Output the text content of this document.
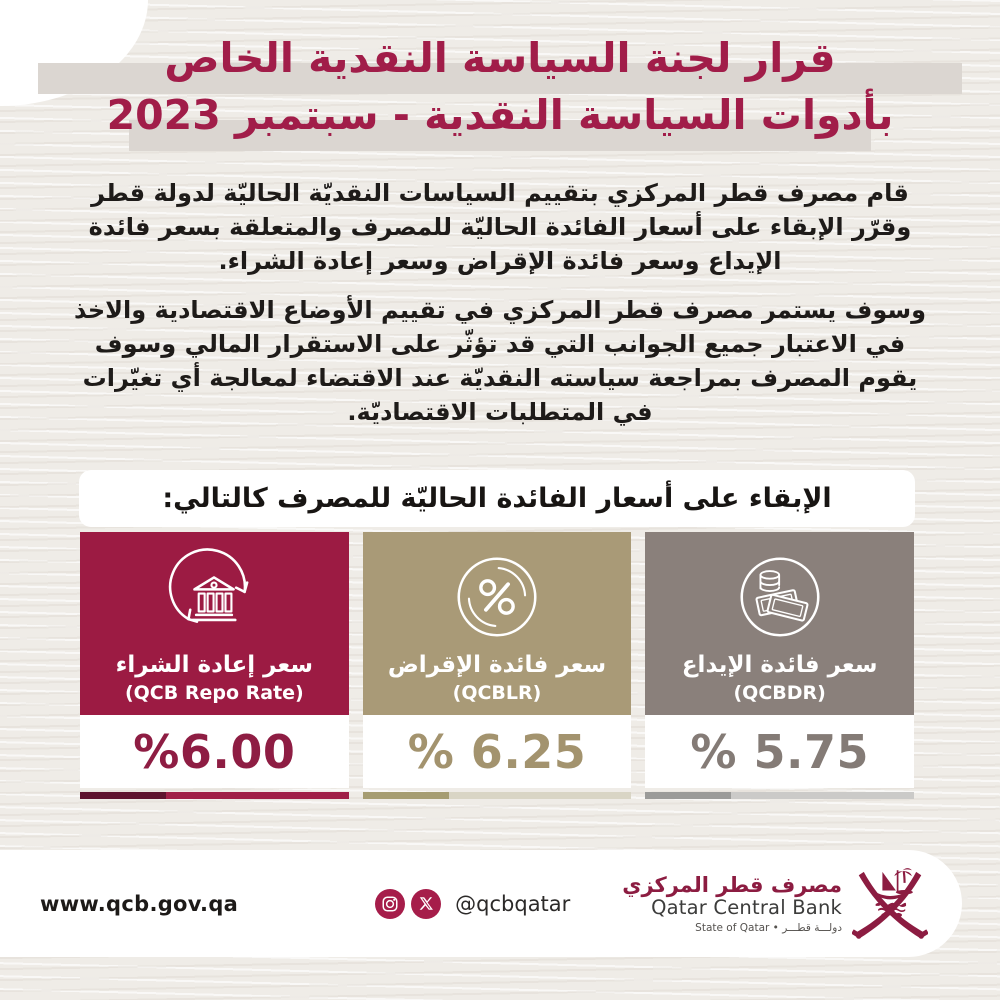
قرار لجنة السياسة النقدية الخاص
بأدوات السياسة النقدية - سبتمبر 2023

قام مصرف قطر المركزي بتقييم السياسات النقديّة الحاليّة لدولة قطر وقرّر الإبقاء على أسعار الفائدة الحاليّة للمصرف والمتعلقة بسعر فائدة الإيداع وسعر فائدة الإقراض وسعر إعادة الشراء.

وسوف يستمر مصرف قطر المركزي في تقييم الأوضاع الاقتصادية والاخذ في الاعتبار جميع الجوانب التي قد تؤثّر على الاستقرار المالي وسوف يقوم المصرف بمراجعة سياسته النقديّة عند الاقتضاء لمعالجة أي تغيّرات في المتطلبات الاقتصاديّة.

الإبقاء على أسعار الفائدة الحاليّة للمصرف كالتالي:
سعر إعادة الشراء
(QCB Repo Rate)
%6.00
سعر فائدة الإقراض
(QCBLR)
% 6.25
سعر فائدة الإيداع
(QCBDR)
% 5.75
www.qcb.gov.qa	@qcbqatar
مصرف قطر المركزي
Qatar Central Bank
دولـــة قطـــر • State of Qatar
